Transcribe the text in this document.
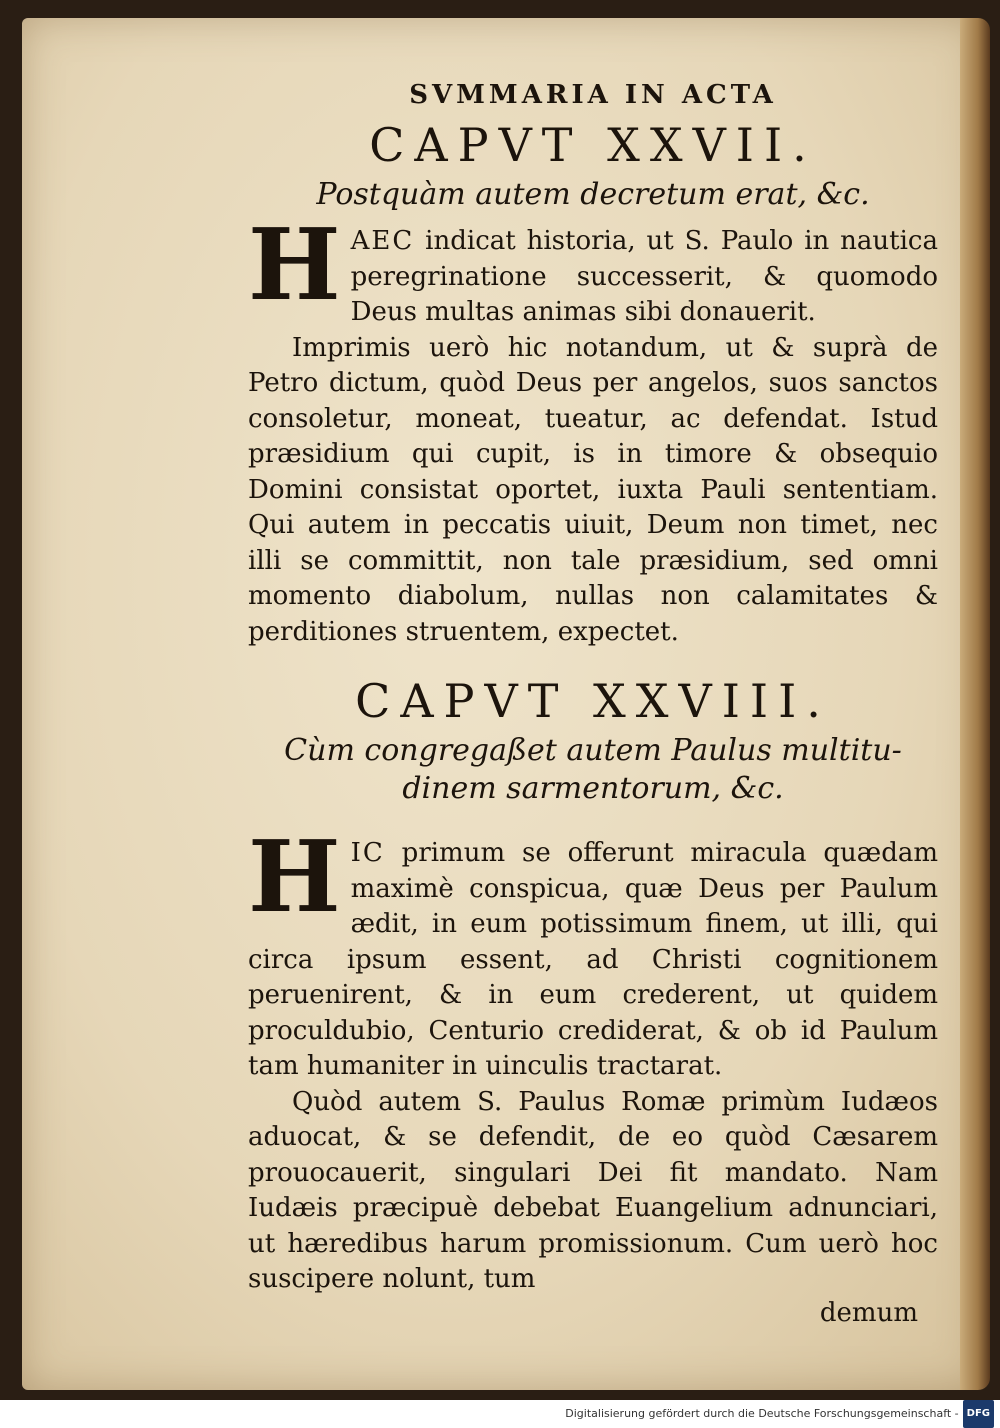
SVMMARIA IN ACTA
CAPVT XXVII.
Postquàm autem decretum erat, &c.

HAEC indicat historia, ut S. Paulo in nautica peregrinatione successerit, & quomodo Deus multas animas sibi donauerit.

Imprimis uerò hic notandum, ut & suprà de Petro dictum, quòd Deus per angelos, suos sanctos consoletur, moneat, tueatur, ac defendat. Istud præsidium qui cupit, is in timore & obsequio Domini consistat oportet, iuxta Pauli sententiam. Qui autem in peccatis uiuit, Deum non timet, nec illi se committit, non tale præsidium, sed omni momento diabolum, nullas non calamitates & perditiones struentem, expectet.

CAPVT XXVIII.
Cùm congregaßet autem Paulus multitu-
dinem sarmentorum, &c.

HIC primum se offerunt miracula quædam maximè conspicua, quæ Deus per Paulum ædit, in eum potissimum finem, ut illi, qui circa ipsum essent, ad Christi cognitionem peruenirent, & in eum crederent, ut quidem proculdubio, Centurio crediderat, & ob id Paulum tam humaniter in uinculis tractarat.

Quòd autem S. Paulus Romæ primùm Iudæos aduocat, & se defendit, de eo quòd Cæsarem prouocauerit, singulari Dei fit mandato. Nam Iudæis præcipuè debebat Euangelium adnunciari, ut hæredibus harum promissionum. Cum uerò hoc suscipere nolunt, tum

demum

Digitalisierung gefördert durch die Deutsche Forschungsgemeinschaft - DFG
